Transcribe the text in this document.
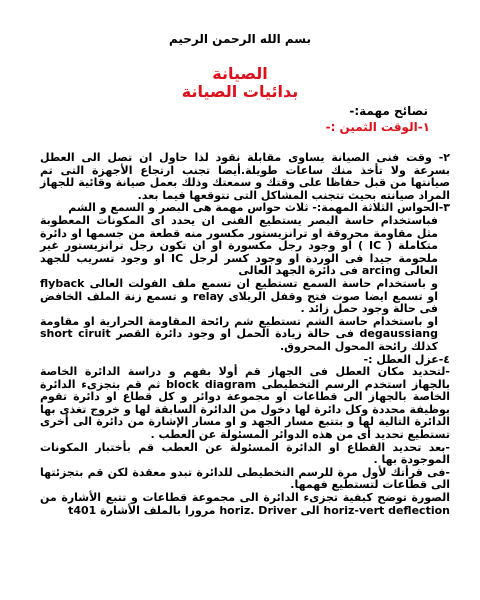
بسم الله الرحمن الرحيم
الصيانة
بدائيات الصيانة
نصائح مهمة:-
١-الوقت الثمين :-

٢- وقت فنى الصيانة يساوى مقابلة نقود لذا حاول ان تصل الى العطل بسرعة ولا تأخذ منك ساعات طويلة.أيضا تجنب ارتجاع الأجهزة التى تم صيانتها من قبل حفاظا على وقتك و سمعتك وذلك بعمل صيانة وقائية للجهاز المراد صيانته بحيث تتجنب المشاكل التى تتوقعها فيما بعد.

٣-الحواس الثلاثة المهمة:- ثلاث حواس مهمة هى البصر و السمع و الشم

فباستخدام حاسة البصر يستطيع الفنى ان يحدد اى المكونات المعطوبة مثل مقاومة محروقة او ترانزيستور مكسور منه قطعة من جسمها او دائرة متكاملة ( IC ) او وجود رجل مكسورة او ان تكون رجل ترانزيستور غير ملحومة جيدا فى الوردة او وجود كسر لرجل IC او وجود تسريب للجهد العالى arcing فى دائرة الجهد العالى

و باستخدام حاسة السمع تستطيع ان تسمع ملف الفولت العالى flyback او تسمع ايضا صوت فتح وقفل الريلاى relay و تسمع زنة الملف الخافض فى حالة وجود حمل زائد .

او باستخدام حاسة الشم تستطيع شم رائحة المقاومة الحرارية او مقاومة degaussiang فى حالة زيادة الحمل او وجود دائرة القصر short ciruit كذلك رائحة المحول المحروق.

٤-عزل العطل :-

-لتحديد مكان العطل فى الجهاز قم أولا بفهم و دراسة الدائرة الخاصة بالجهاز استخدم الرسم التخطيطى block diagram ثم قم بتجزىء الدائرة الخاصة بالجهاز الى قطاعات او مجموعة دوائر و كل قطاع او دائرة تقوم بوظيفة محددة وكل دائرة لها دخول من الدائرة السابقة لها و خروج تغذى بها الدائرة التالية لها و بتتبع مسار الجهد و او مسار الإشارة من دائرة الى أخرى تستطيع تحديد أى من هذه الدوائر المسئولة عن العطب .

-بعد تحديد القطاع او الدائرة المسئولة عن العطب قم بأختبار المكونات الموجودة بها .

-فى قرأتك لأول مرة للرسم التخطيطى للدائرة تبدو معقدة لكن قم بتجزئتها الى قطاعات لتستطيع فهمها.

الصورة توضح كيفية تجزىء الدائرة الى مجموعة قطاعات و تتبع الأشارة من horiz-vert deflection الى horiz. Driver مرورا بالملف الأشارة t401
